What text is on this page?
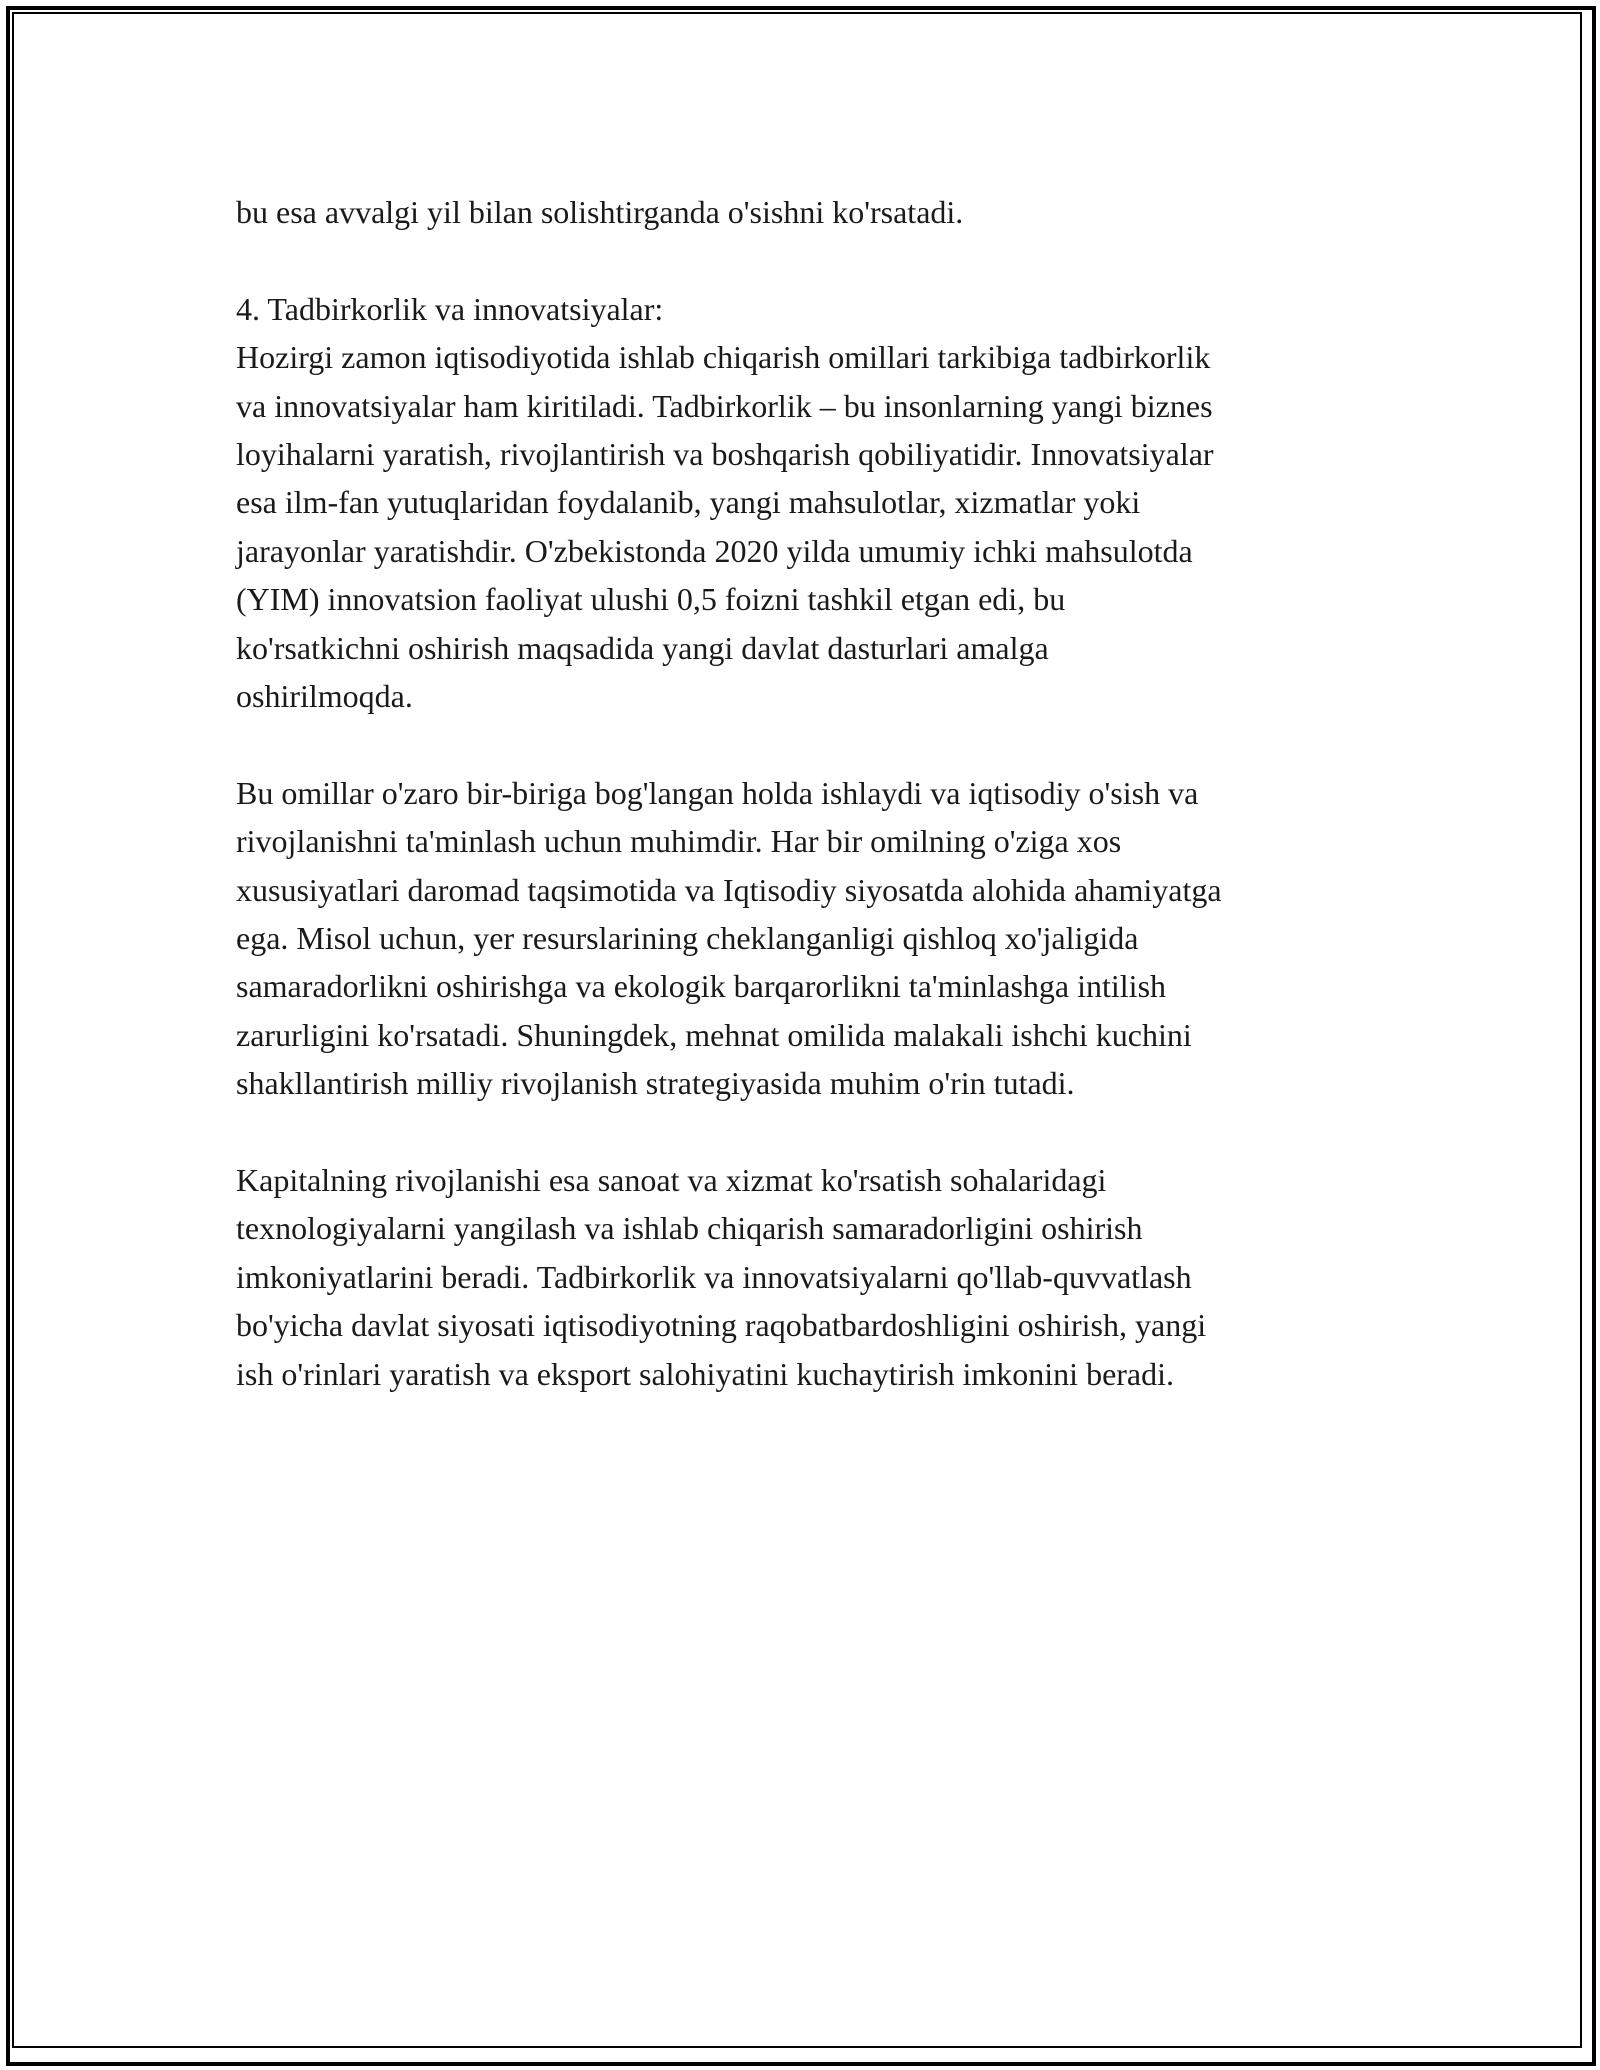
bu esa avvalgi yil bilan solishtirganda o'sishni ko'rsatadi.

4. Tadbirkorlik va innovatsiyalar:

Hozirgi zamon iqtisodiyotida ishlab chiqarish omillari tarkibiga tadbirkorlik
va innovatsiyalar ham kiritiladi. Tadbirkorlik – bu insonlarning yangi biznes
loyihalarni yaratish, rivojlantirish va boshqarish qobiliyatidir. Innovatsiyalar
esa ilm-fan yutuqlaridan foydalanib, yangi mahsulotlar, xizmatlar yoki
jarayonlar yaratishdir. O'zbekistonda 2020 yilda umumiy ichki mahsulotda
(YIM) innovatsion faoliyat ulushi 0,5 foizni tashkil etgan edi, bu
ko'rsatkichni oshirish maqsadida yangi davlat dasturlari amalga
oshirilmoqda.

Bu omillar o'zaro bir-biriga bog'langan holda ishlaydi va iqtisodiy o'sish va
rivojlanishni ta'minlash uchun muhimdir. Har bir omilning o'ziga xos
xususiyatlari daromad taqsimotida va Iqtisodiy siyosatda alohida ahamiyatga
ega. Misol uchun, yer resurslarining cheklanganligi qishloq xo'jaligida
samaradorlikni oshirishga va ekologik barqarorlikni ta'minlashga intilish
zarurligini ko'rsatadi. Shuningdek, mehnat omilida malakali ishchi kuchini
shakllantirish milliy rivojlanish strategiyasida muhim o'rin tutadi.

Kapitalning rivojlanishi esa sanoat va xizmat ko'rsatish sohalaridagi
texnologiyalarni yangilash va ishlab chiqarish samaradorligini oshirish
imkoniyatlarini beradi. Tadbirkorlik va innovatsiyalarni qo'llab-quvvatlash
bo'yicha davlat siyosati iqtisodiyotning raqobatbardoshligini oshirish, yangi
ish o'rinlari yaratish va eksport salohiyatini kuchaytirish imkonini beradi.
